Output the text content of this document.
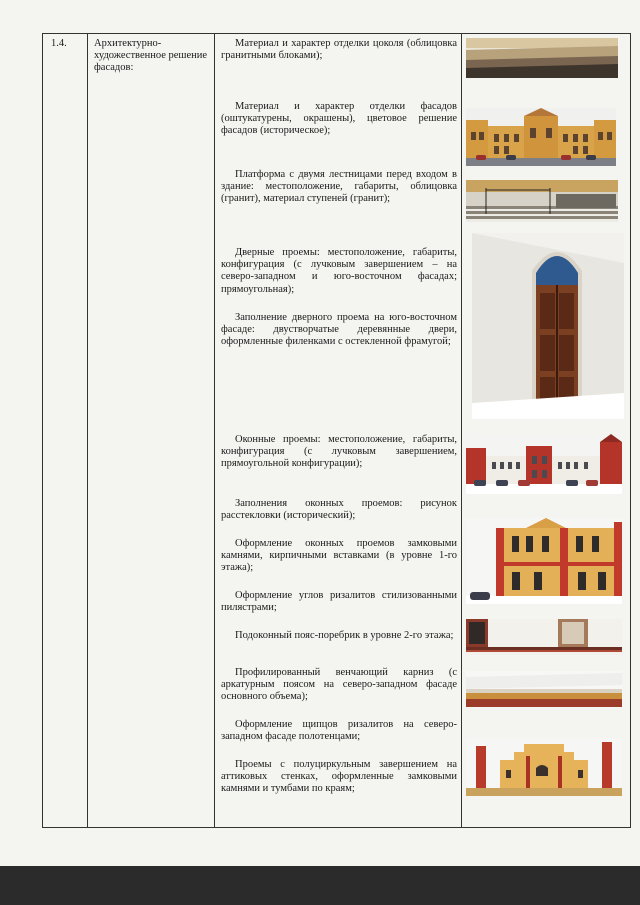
1.4.	Архитектурно-художественное решение фасадов:	
Материал и характер отделки цоколя (облицовка гранитными блоками);
Материал и характер отделки фасадов (оштукатурены, окрашены), цветовое решение фасадов (историческое);
Платформа с двумя лестницами перед входом в здание: местоположение, габариты, облицовка (гранит), материал ступеней (гранит);
Дверные проемы: местоположение, габариты, конфигурация (с лучковым завершением – на северо-западном и юго-восточном фасадах; прямоугольная);
Заполнение дверного проема на юго-восточном фасаде: двустворчатые деревянные двери, оформленные филенками с остекленной фрамугой;
Оконные проемы: местоположение, габариты, конфигурация (с лучковым завершением, прямоугольной конфигурации);
Заполнения оконных проемов: рисунок расстекловки (исторический);
Оформление оконных проемов замковыми камнями, кирпичными вставками (в уровне 1-го этажа);
Оформление углов ризалитов стилизованными пилястрами;
Подоконный пояс-поребрик в уровне 2-го этажа;
Профилированный венчающий карниз (с аркатурным поясом на северо-западном фасаде основного объема);
Оформление щипцов ризалитов на северо-западном фасаде полотенцами;
Проемы с полуциркульным завершением на аттиковых стенках, оформленные замковыми камнями и тумбами по краям;
